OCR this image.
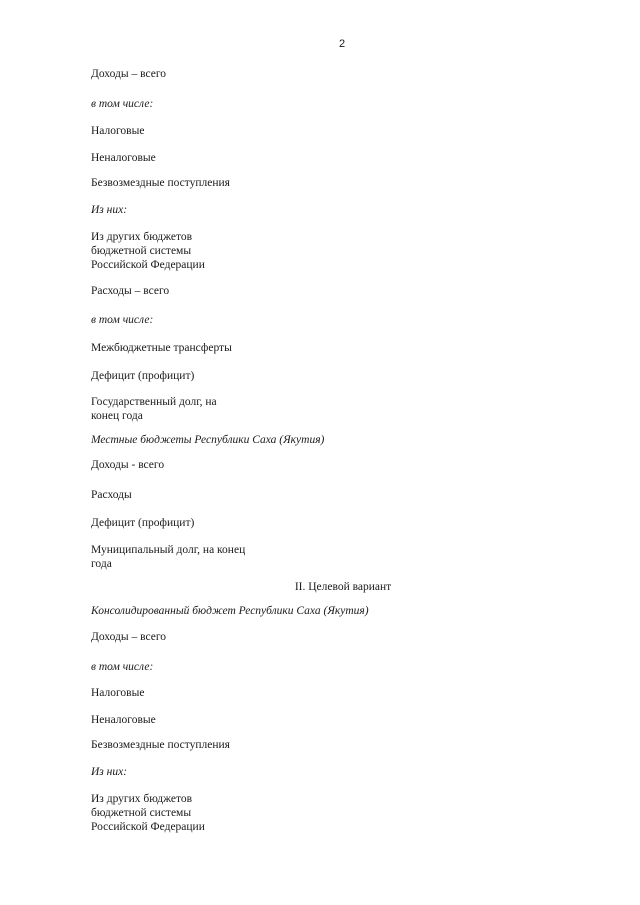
2
Доходы – всего
в том числе:
Налоговые
Неналоговые
Безвозмездные поступления
Из них:
Из других бюджетов
бюджетной системы
Российской Федерации
Расходы – всего
в том числе:
Межбюджетные трансферты
Дефицит (профицит)
Государственный долг, на
конец года
Местные бюджеты Республики Саха (Якутия)
Доходы - всего
Расходы
Дефицит (профицит)
Муниципальный долг, на конец
года
II. Целевой вариант
Консолидированный бюджет Республики Саха (Якутия)
Доходы – всего
в том числе:
Налоговые
Неналоговые
Безвозмездные поступления
Из них:
Из других бюджетов
бюджетной системы
Российской Федерации
